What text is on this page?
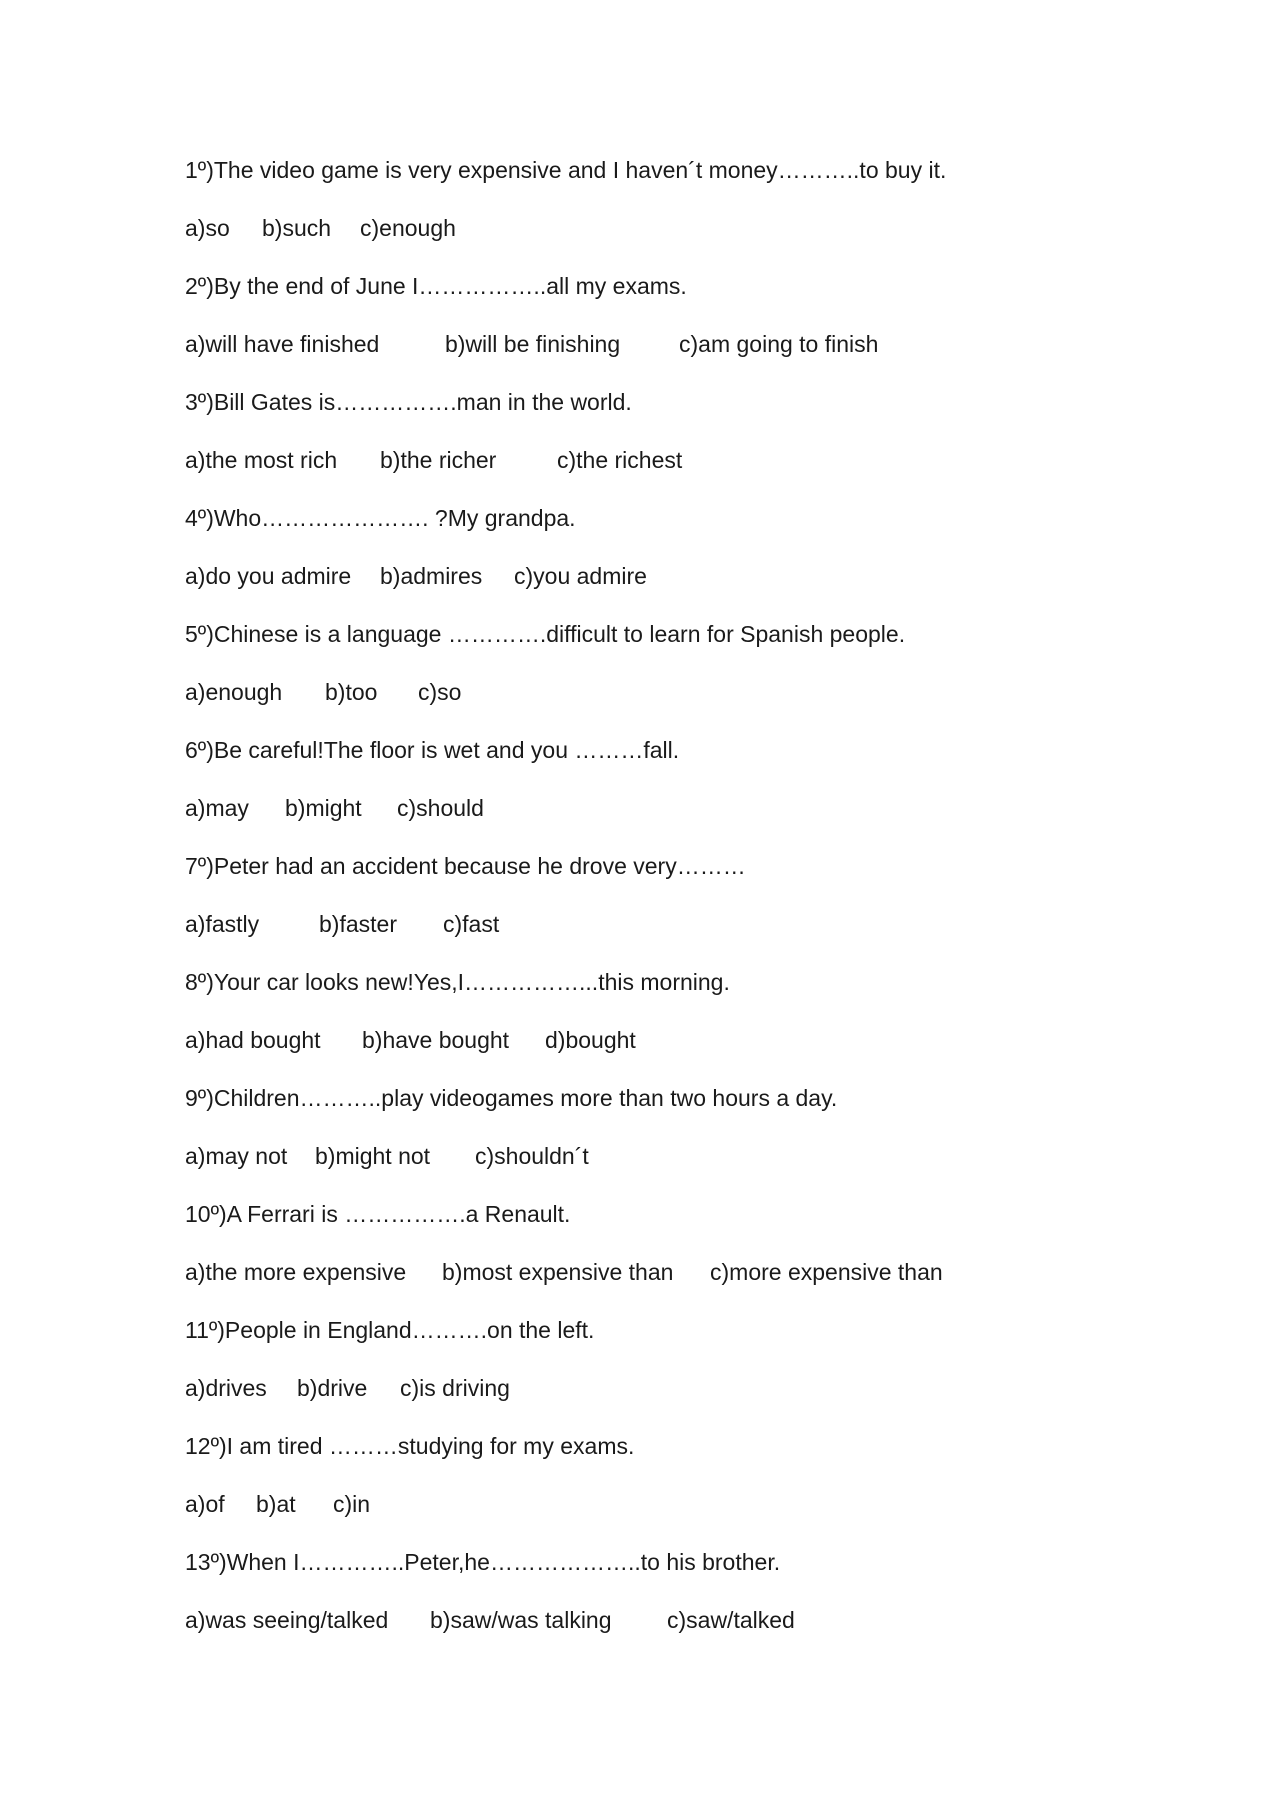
1º)The video game is very expensive and I haven´t money………..to buy it.
a)so	b)such	c)enough
2º)By the end of June I……………..all my exams.
a)will have finished	b)will be finishing	c)am going to finish
3º)Bill Gates is…………….man in the world.
a)the most rich	b)the richer	c)the richest
4º)Who…………………. ?My grandpa.
a)do you admire	b)admires	c)you admire
5º)Chinese is a language ………….difficult to learn for Spanish people.
a)enough	b)too	c)so
6º)Be careful!The floor is wet and you ………fall.
a)may	b)might	c)should
7º)Peter had an accident because he drove very………
a)fastly	b)faster	c)fast
8º)Your car looks new!Yes,I……………...this morning.
a)had bought	b)have bought	d)bought
9º)Children………..play videogames more than two hours a day.
a)may not	b)might not	c)shouldn´t
10º)A Ferrari is …………….a Renault.
a)the more expensive	b)most expensive than	c)more expensive than
11º)People in England……….on the left.
a)drives	b)drive	c)is driving
12º)I am tired ………studying for my exams.
a)of	b)at	c)in
13º)When I…………..Peter,he………………..to his brother.
a)was seeing/talked	b)saw/was talking	c)saw/talked
